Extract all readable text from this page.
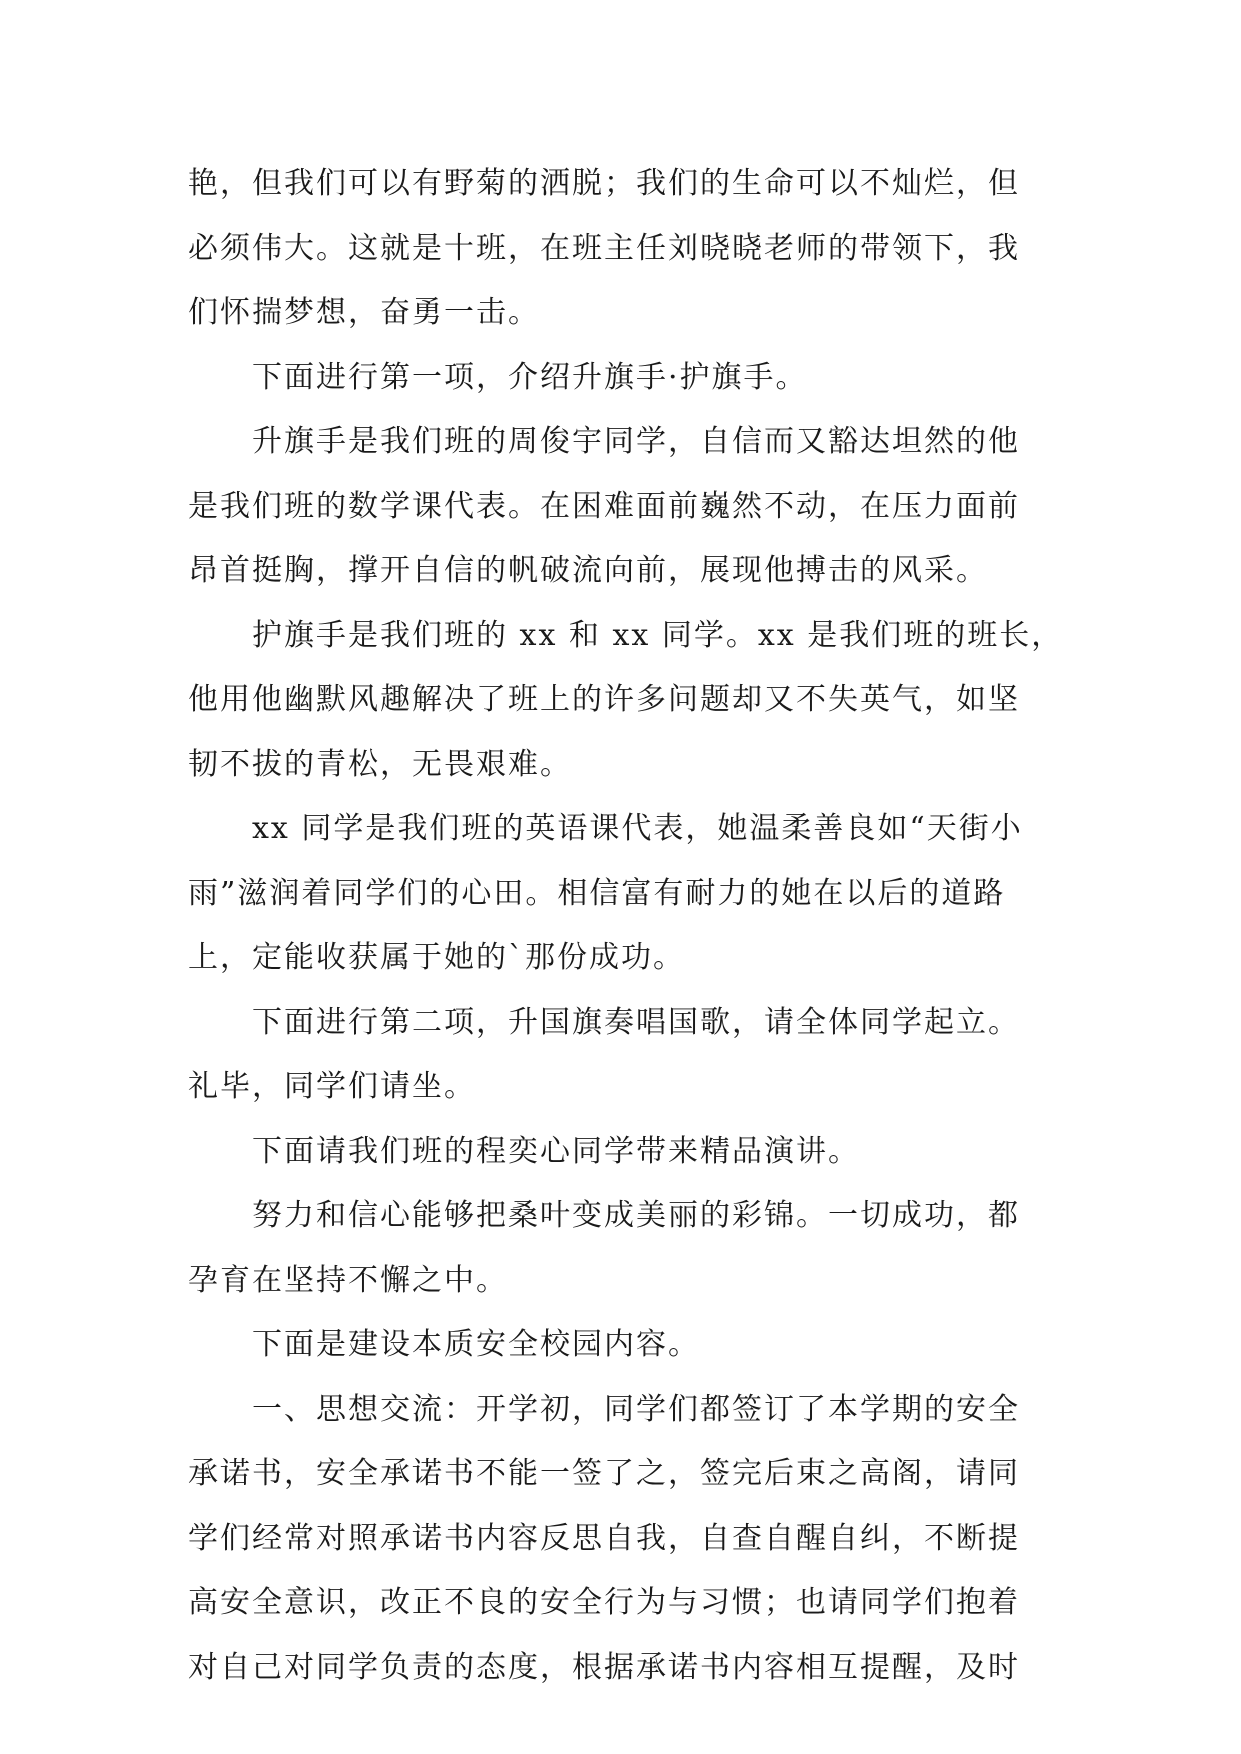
艳，但我们可以有野菊的洒脱；我们的生命可以不灿烂，但
必须伟大。这就是十班，在班主任刘晓晓老师的带领下，我
们怀揣梦想，奋勇一击。
下面进行第一项，介绍升旗手·护旗手。
升旗手是我们班的周俊宇同学，自信而又豁达坦然的他
是我们班的数学课代表。在困难面前巍然不动，在压力面前
昂首挺胸，撑开自信的帆破流向前，展现他搏击的风采。
护旗手是我们班的 xx 和 xx 同学。xx 是我们班的班长，
他用他幽默风趣解决了班上的许多问题却又不失英气，如坚
韧不拔的青松，无畏艰难。
xx 同学是我们班的英语课代表，她温柔善良如“天街小
雨”滋润着同学们的心田。相信富有耐力的她在以后的道路
上，定能收获属于她的`那份成功。
下面进行第二项，升国旗奏唱国歌，请全体同学起立。
礼毕，同学们请坐。
下面请我们班的程奕心同学带来精品演讲。
努力和信心能够把桑叶变成美丽的彩锦。一切成功，都
孕育在坚持不懈之中。
下面是建设本质安全校园内容。
一、思想交流：开学初，同学们都签订了本学期的安全
承诺书，安全承诺书不能一签了之，签完后束之高阁，请同
学们经常对照承诺书内容反思自我，自查自醒自纠，不断提
高安全意识，改正不良的安全行为与习惯；也请同学们抱着
对自己对同学负责的态度，根据承诺书内容相互提醒，及时
